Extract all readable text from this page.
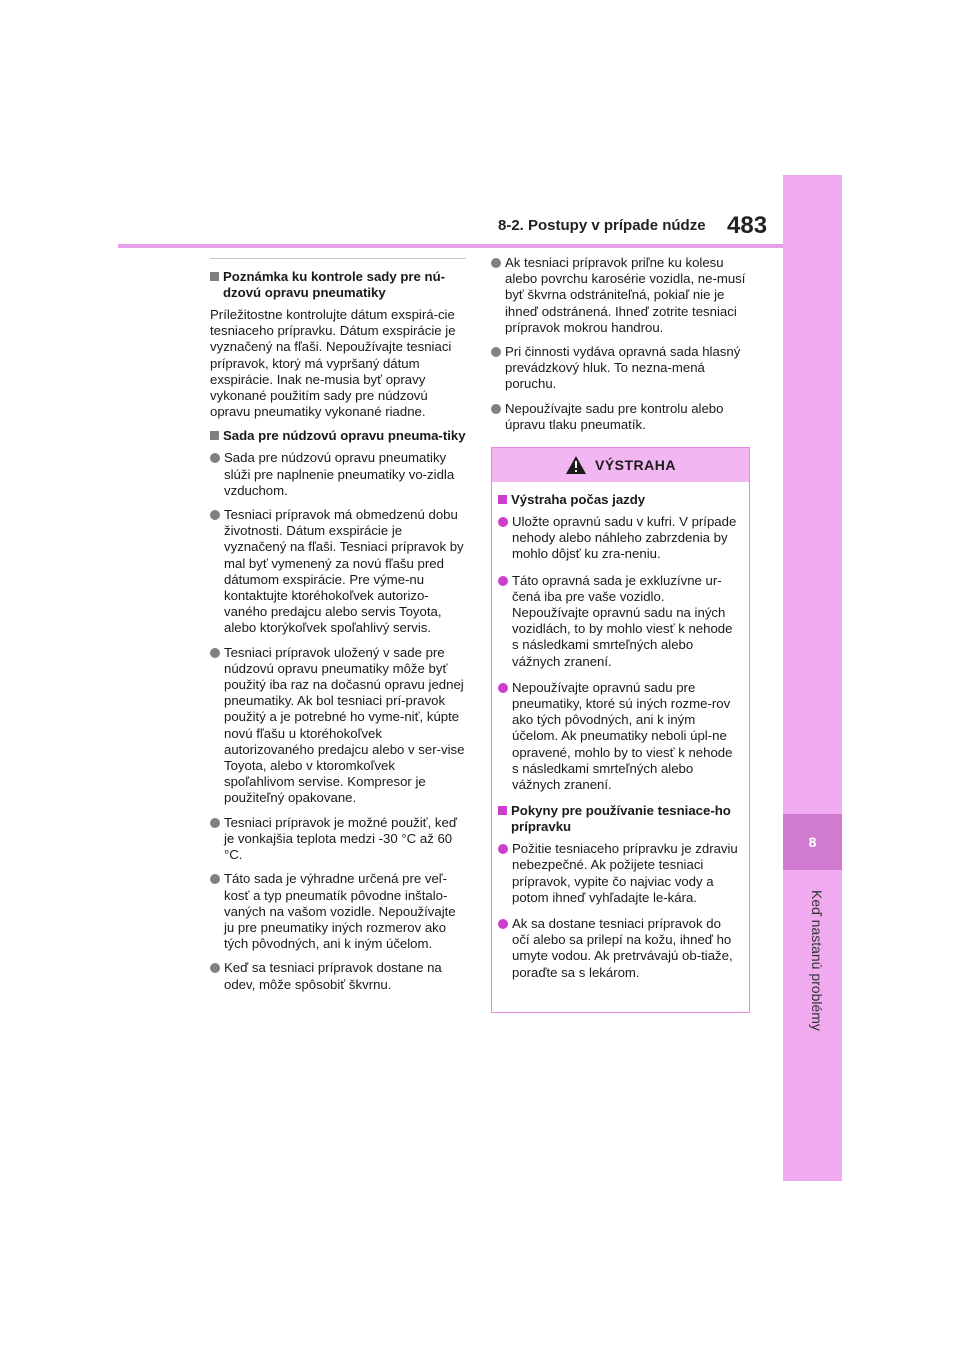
8
Keď nastanú problémy
8-2. Postupy v prípade núdze 483
Poznámka ku kontrole sady pre nú-dzovú opravu pneumatiky

Príležitostne kontrolujte dátum exspirá-cie tesniaceho prípravku. Dátum exspirácie je vyznačený na fľaši. Nepoužívajte tesniaci prípravok, ktorý má vypršaný dátum exspirácie. Inak ne-musia byť opravy vykonané použitím sady pre núdzovú opravu pneumatiky vykonané riadne.

Sada pre núdzovú opravu pneuma-tiky
Sada pre núdzovú opravu pneumatiky slúži pre naplnenie pneumatiky vo-zidla vzduchom.
Tesniaci prípravok má obmedzenú dobu životnosti. Dátum exspirácie je vyznačený na fľaši. Tesniaci prípravok by mal byť vymenený za novú fľašu pred dátumom exspirácie. Pre výme-nu kontaktujte ktoréhokoľvek autorizo-vaného predajcu alebo servis Toyota, alebo ktorýkoľvek spoľahlivý servis.
Tesniaci prípravok uložený v sade pre núdzovú opravu pneumatiky môže byť použitý iba raz na dočasnú opravu jednej pneumatiky. Ak bol tesniaci prí-pravok použitý a je potrebné ho vyme-niť, kúpte novú fľašu u ktoréhokoľvek autorizovaného predajcu alebo v ser-vise Toyota, alebo v ktoromkoľvek spoľahlivom servise. Kompresor je použiteľný opakovane.
Tesniaci prípravok je možné použiť, keď je vonkajšia teplota medzi -30 °C až 60 °C.
Táto sada je výhradne určená pre veľ-kosť a typ pneumatík pôvodne inštalo-vaných na vašom vozidle. Nepoužívajte ju pre pneumatiky iných rozmerov ako tých pôvodných, ani k iným účelom.
Keď sa tesniaci prípravok dostane na odev, môže spôsobiť škvrnu.
Ak tesniaci prípravok priľne ku kolesu alebo povrchu karosérie vozidla, ne-musí byť škvrna odstrániteľná, pokiaľ nie je ihneď odstránená. Ihneď zotrite tesniaci prípravok mokrou handrou.
Pri činnosti vydáva opravná sada hlasný prevádzkový hluk. To nezna-mená poruchu.
Nepoužívajte sadu pre kontrolu alebo úpravu tlaku pneumatík.
VÝSTRAHA
Výstraha počas jazdy
Uložte opravnú sadu v kufri. V prípade nehody alebo náhleho zabrzdenia by mohlo dôjsť ku zra-neniu.
Táto opravná sada je exkluzívne ur-čená iba pre vaše vozidlo. Nepoužívajte opravnú sadu na iných vozidlách, to by mohlo viesť k nehode s následkami smrteľných alebo vážnych zranení.
Nepoužívajte opravnú sadu pre pneumatiky, ktoré sú iných rozme-rov ako tých pôvodných, ani k iným účelom. Ak pneumatiky neboli úpl-ne opravené, mohlo by to viesť k nehode s následkami smrteľných alebo vážnych zranení.
Pokyny pre používanie tesniace-ho prípravku
Požitie tesniaceho prípravku je zdraviu nebezpečné. Ak požijete tesniaci prípravok, vypite čo najviac vody a potom ihneď vyhľadajte le-kára.
Ak sa dostane tesniaci prípravok do očí alebo sa prilepí na kožu, ihneď ho umyte vodou. Ak pretrvávajú ob-tiaže, poraďte sa s lekárom.
